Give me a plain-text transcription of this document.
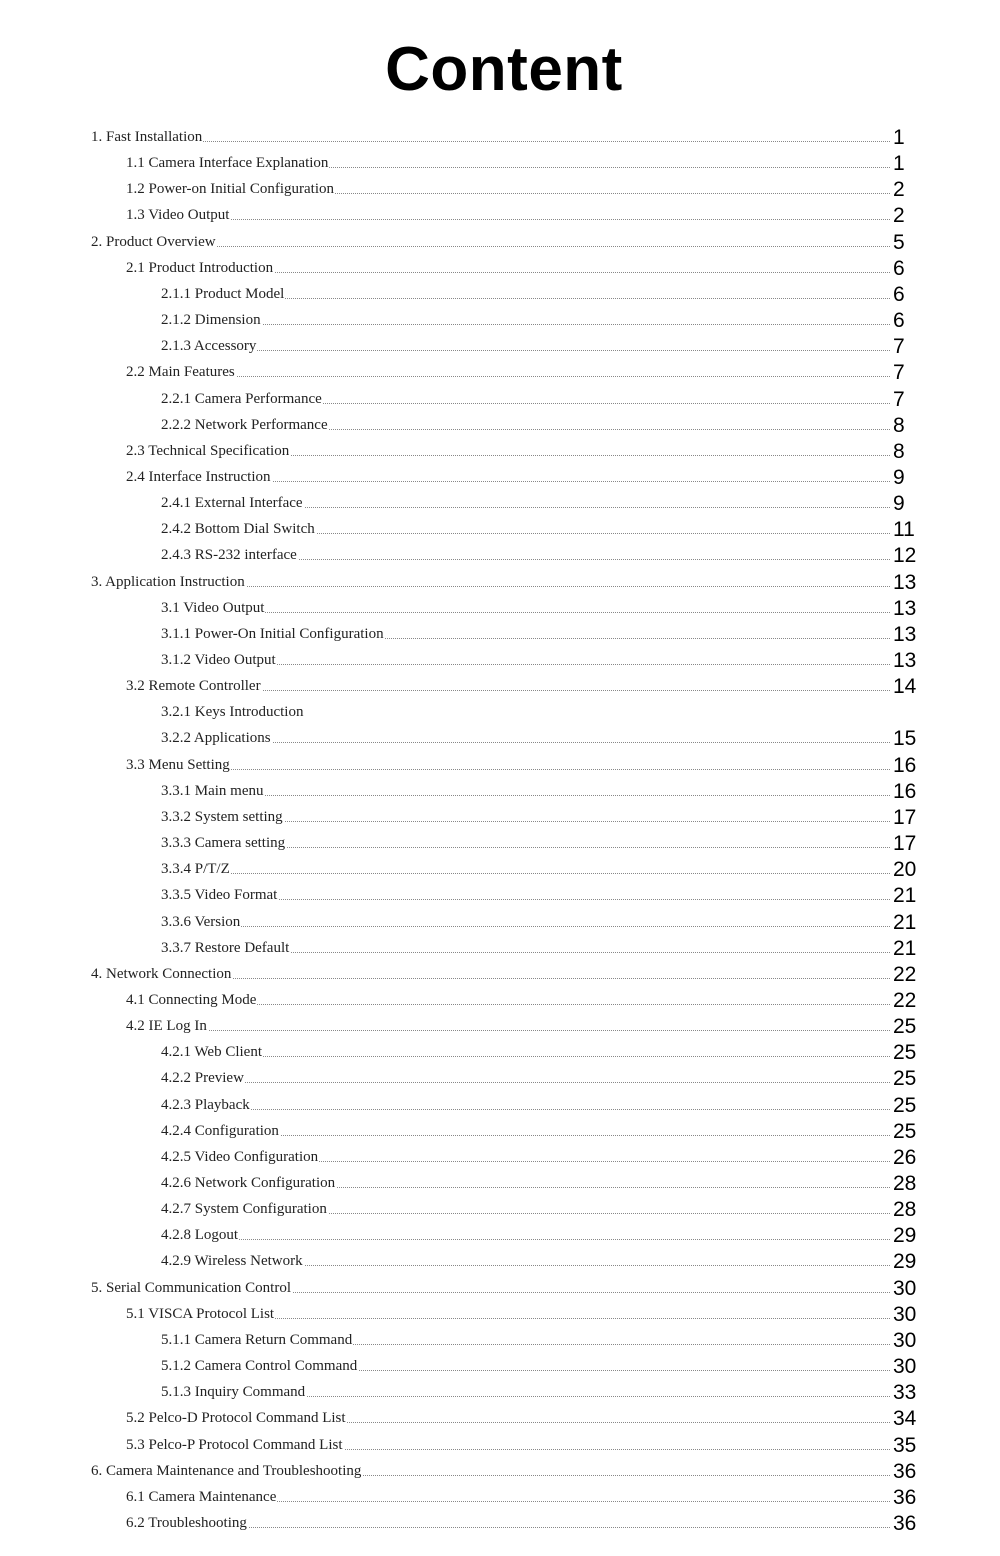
Content
1. Fast Installation	1
1.1 Camera Interface Explanation	1
1.2 Power-on Initial Configuration	2
1.3 Video Output	2
2. Product Overview	5
2.1 Product Introduction	6
2.1.1 Product Model	6
2.1.2 Dimension	6
2.1.3 Accessory	7
2.2 Main Features	7
2.2.1 Camera Performance	7
2.2.2 Network Performance	8
2.3 Technical Specification	8
2.4 Interface Instruction	9
2.4.1 External Interface	9
2.4.2 Bottom Dial Switch	11
2.4.3 RS-232 interface	12
3. Application Instruction	13
3.1 Video Output	13
3.1.1 Power-On Initial Configuration	13
3.1.2 Video Output	13
3.2 Remote Controller	14
3.2.1 Keys Introduction
3.2.2 Applications	15
3.3 Menu Setting	16
3.3.1 Main menu	16
3.3.2 System setting	17
3.3.3 Camera setting	17
3.3.4 P/T/Z	20
3.3.5 Video Format	21
3.3.6 Version	21
3.3.7 Restore Default	21
4. Network Connection	22
4.1 Connecting Mode	22
4.2 IE Log In	25
4.2.1 Web Client	25
4.2.2 Preview	25
4.2.3 Playback	25
4.2.4 Configuration	25
4.2.5 Video Configuration	26
4.2.6 Network Configuration	28
4.2.7 System Configuration	28
4.2.8 Logout	29
4.2.9 Wireless Network	29
5. Serial Communication Control	30
5.1 VISCA Protocol List	30
5.1.1 Camera Return Command	30
5.1.2 Camera Control Command	30
5.1.3 Inquiry Command	33
5.2 Pelco-D Protocol Command List	34
5.3 Pelco-P Protocol Command List	35
6. Camera Maintenance and Troubleshooting	36
6.1 Camera Maintenance	36
6.2 Troubleshooting	36
